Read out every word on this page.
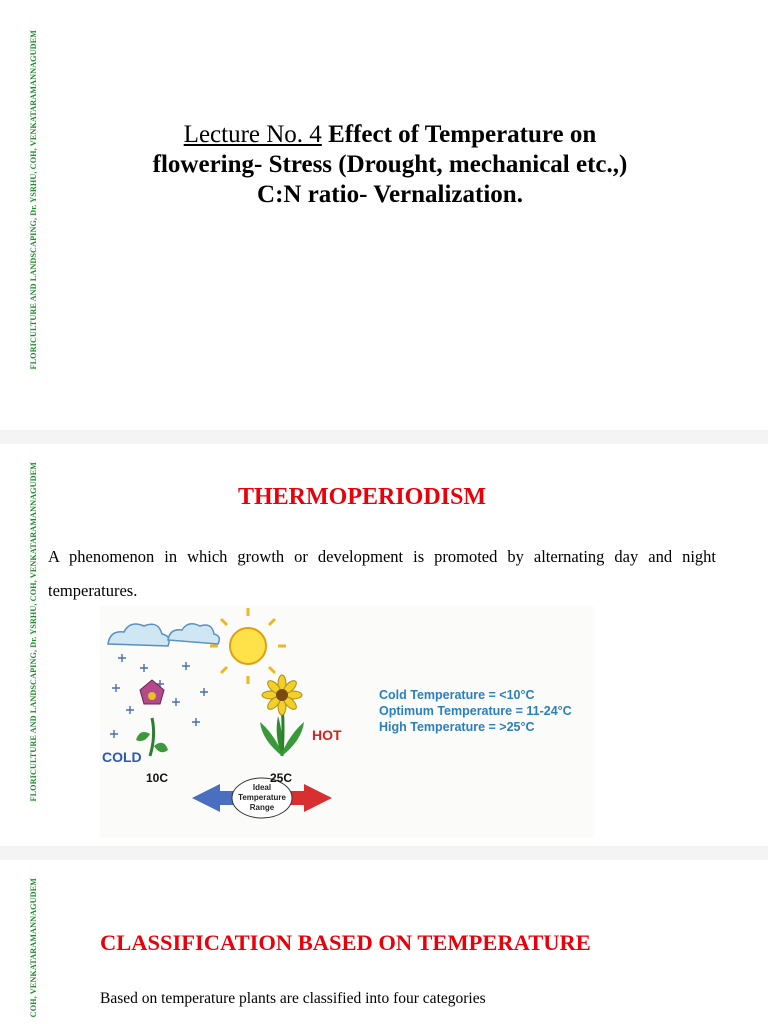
FLORICULTURE AND LANDSCAPING, Dr. YSRHU, COH, VENKATARAMANNAGUDEM	Lecture No. 4 Effect of Temperature on
flowering- Stress (Drought, mechanical etc.,)
C:N ratio- Vernalization.
FLORICULTURE AND LANDSCAPING, Dr. YSRHU, COH, VENKATARAMANNAGUDEM	THERMOPERIODISM
A phenomenon in which growth or development is promoted by alternating day and night temperatures.
COLD
HOT
10C	25C
Ideal
Temperature
Range
Cold Temperature = <10°C
Optimum Temperature = 11-24°C
High Temperature = >25°C
COH, VENKATARAMANNAGUDEM	CLASSIFICATION BASED ON TEMPERATURE
Based on temperature plants are classified into four categories
